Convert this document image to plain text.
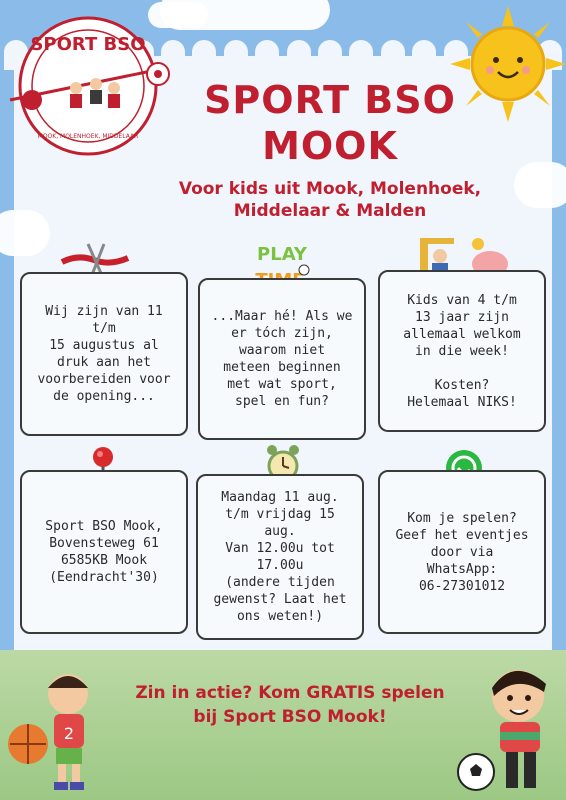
SPORT BSO
MOOK, MOLENHOEK, MIDDELAAR
SPORT BSO
MOOK
Voor kids uit Mook, Molenhoek,
Middelaar & Malden
PLAY
Wij zijn van 11 t/m
15 augustus al
druk aan het
voorbereiden voor
de opening...
...Maar hé! Als we
er tóch zijn,
waarom niet
meteen beginnen
met wat sport,
spel en fun?
Kids van 4 t/m
13 jaar zijn
allemaal welkom
in die week!

Kosten?
Helemaal NIKS!
Sport BSO Mook,
Bovensteweg 61
6585KB Mook
(Eendracht'30)
Maandag 11 aug.
t/m vrijdag 15 aug.
Van 12.00u tot
17.00u
(andere tijden
gewenst? Laat het
ons weten!)
Kom je spelen?
Geef het eventjes
door via
WhatsApp:
06-27301012
Zin in actie? Kom GRATIS spelen
bij Sport BSO Mook!
2
